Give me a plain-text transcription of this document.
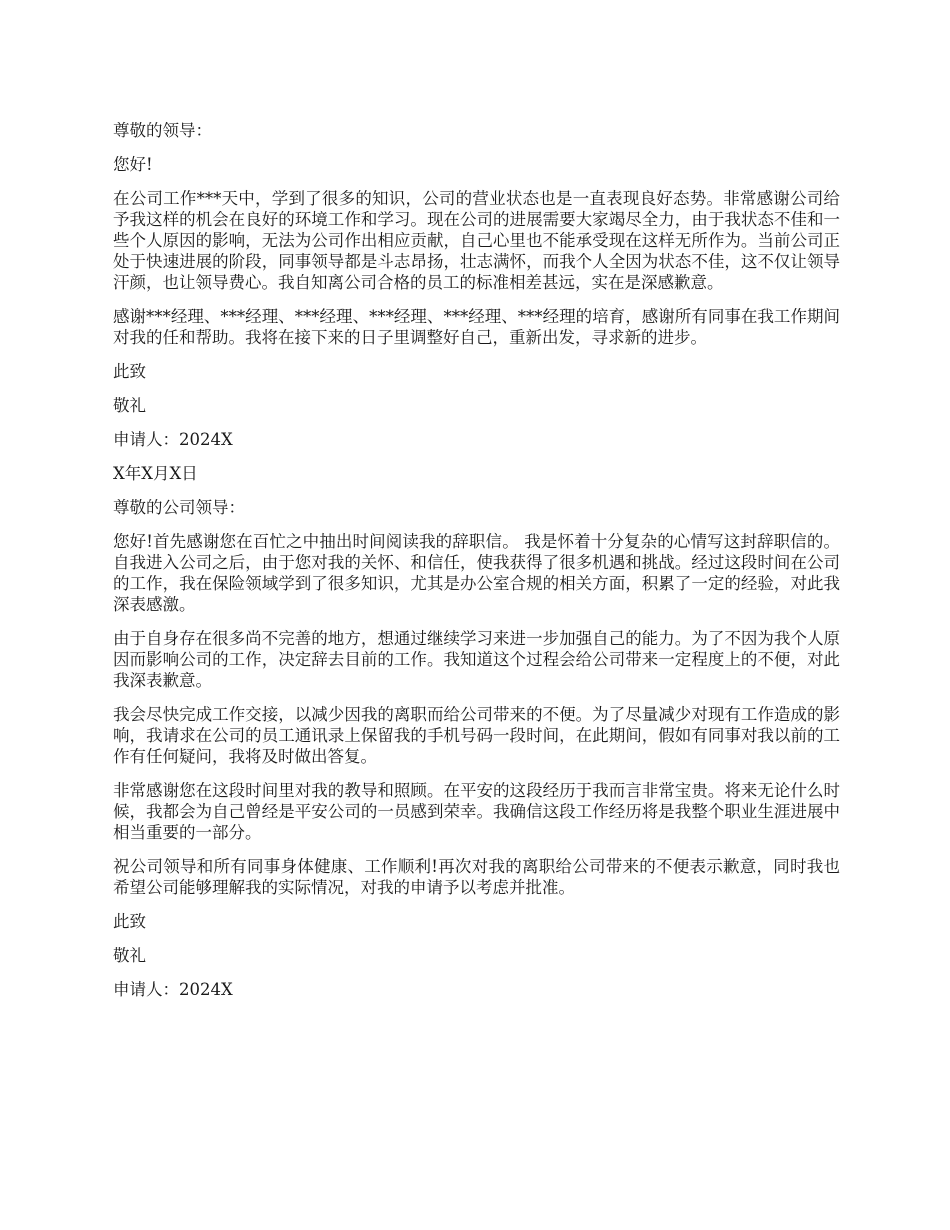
尊敬的领导：

您好!

在公司工作***天中，学到了很多的知识，公司的营业状态也是一直表现良好态势。非常感谢公司给予我这样的机会在良好的环境工作和学习。现在公司的进展需要大家竭尽全力，由于我状态不佳和一些个人原因的影响，无法为公司作出相应贡献，自己心里也不能承受现在这样无所作为。当前公司正处于快速进展的阶段，同事领导都是斗志昂扬，壮志满怀，而我个人全因为状态不佳，这不仅让领导汗颜，也让领导费心。我自知离公司合格的员工的标准相差甚远，实在是深感歉意。

感谢***经理、***经理、***经理、***经理、***经理、***经理的培育，感谢所有同事在我工作期间对我的任和帮助。我将在接下来的日子里调整好自己，重新出发，寻求新的进步。

此致

敬礼

申请人：2024X

X年X月X日

尊敬的公司领导：

您好!首先感谢您在百忙之中抽出时间阅读我的辞职信。 我是怀着十分复杂的心情写这封辞职信的。自我进入公司之后，由于您对我的关怀、和信任，使我获得了很多机遇和挑战。经过这段时间在公司的工作，我在保险领域学到了很多知识，尤其是办公室合规的相关方面，积累了一定的经验，对此我深表感激。

由于自身存在很多尚不完善的地方，想通过继续学习来进一步加强自己的能力。为了不因为我个人原因而影响公司的工作，决定辞去目前的工作。我知道这个过程会给公司带来一定程度上的不便，对此我深表歉意。

我会尽快完成工作交接，以减少因我的离职而给公司带来的不便。为了尽量减少对现有工作造成的影响，我请求在公司的员工通讯录上保留我的手机号码一段时间，在此期间，假如有同事对我以前的工作有任何疑问，我将及时做出答复。

非常感谢您在这段时间里对我的教导和照顾。在平安的这段经历于我而言非常宝贵。将来无论什么时候，我都会为自己曾经是平安公司的一员感到荣幸。我确信这段工作经历将是我整个职业生涯进展中相当重要的一部分。

祝公司领导和所有同事身体健康、工作顺利!再次对我的离职给公司带来的不便表示歉意，同时我也希望公司能够理解我的实际情况，对我的申请予以考虑并批准。

此致

敬礼

申请人：2024X
